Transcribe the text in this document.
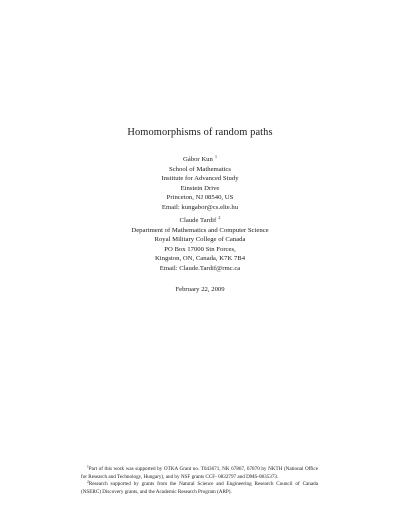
Homomorphisms of random paths
Gábor Kun $^1$
School of Mathematics
Institute for Advanced Study
Einstein Drive
Princeton, NJ 08540, US
Email: kungabor@cs.elte.hu
Claude Tardif $^2$
Department of Mathematics and Computer Science
Royal Military College of Canada
PO Box 17000 Stn Forces,
Kingston, ON, Canada, K7K 7B4
Email: Claude.Tardif@rmc.ca
February 22, 2009

$^1$Part of this work was supported by OTKA Grant no. T043671, NK 67867, 67870 by NKTH (National Office for Research and Technology, Hungary), and by NSF grants CCF- 0832797 and DMS-0835373.

$^2$Research supported by grants from the Natural Science and Engineering Research Council of Canada (NSERC) Discovery grants, and the Academic Research Program (ARP).
